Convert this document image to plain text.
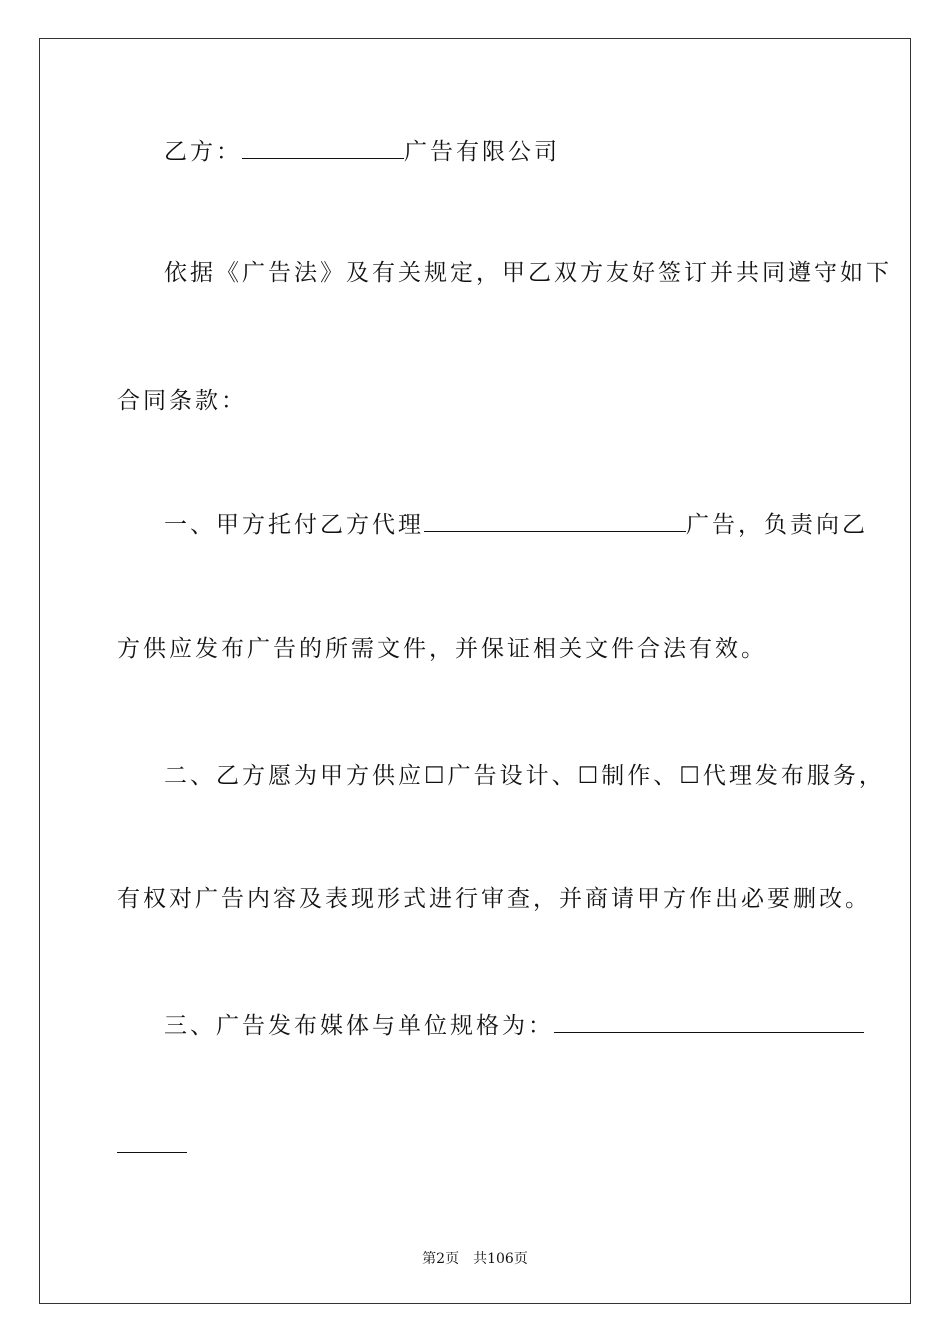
乙方：	广告有限公司
依据《广告法》及有关规定，甲乙双方友好签订并共同遵守如下
合同条款：
一、甲方托付乙方代理	广告，负责向乙
方供应发布广告的所需文件，并保证相关文件合法有效。
二、乙方愿为甲方供应☐广告设计、☐制作、☐代理发布服务，
有权对广告内容及表现形式进行审查，并商请甲方作出必要删改。
三、广告发布媒体与单位规格为：
第2页 共106页
